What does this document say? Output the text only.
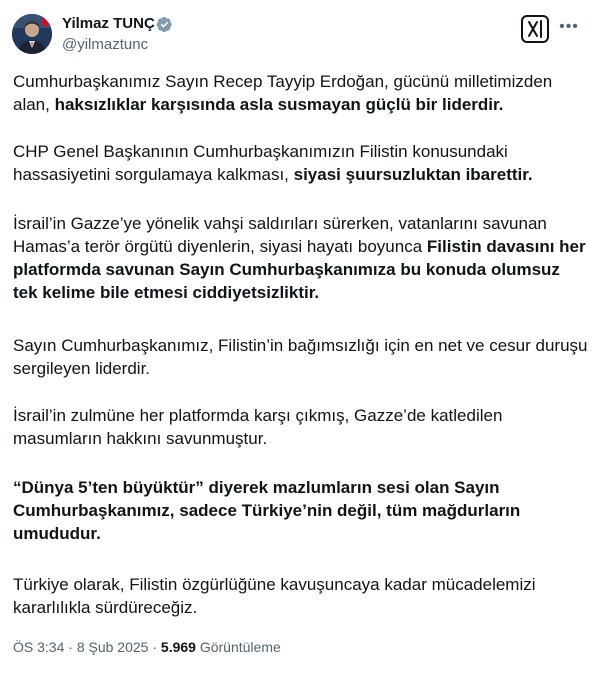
Yilmaz TUNÇ
@yilmaztunc
•••
Cumhurbaşkanımız Sayın Recep Tayyip Erdoğan, gücünü milletimizden alan, haksızlıklar karşısında asla susmayan güçlü bir liderdir.
CHP Genel Başkanının Cumhurbaşkanımızın Filistin konusundaki hassasiyetini sorgulamaya kalkması, siyasi şuursuzluktan ibarettir.
İsrail’in Gazze’ye yönelik vahşi saldırıları sürerken, vatanlarını savunan Hamas’a terör örgütü diyenlerin, siyasi hayatı boyunca Filistin davasını her platformda savunan Sayın Cumhurbaşkanımıza bu konuda olumsuz tek kelime bile etmesi ciddiyetsizliktir.
Sayın Cumhurbaşkanımız, Filistin’in bağımsızlığı için en net ve cesur duruşu sergileyen liderdir.
İsrail’in zulmüne her platformda karşı çıkmış, Gazze’de katledilen masumların hakkını savunmuştur.
“Dünya 5’ten büyüktür” diyerek mazlumların sesi olan Sayın Cumhurbaşkanımız, sadece Türkiye’nin değil, tüm mağdurların umududur.
Türkiye olarak, Filistin özgürlüğüne kavuşuncaya kadar mücadelemizi kararlılıkla sürdüreceğiz.
ÖS 3:34 · 8 Şub 2025 · 5.969 Görüntüleme
